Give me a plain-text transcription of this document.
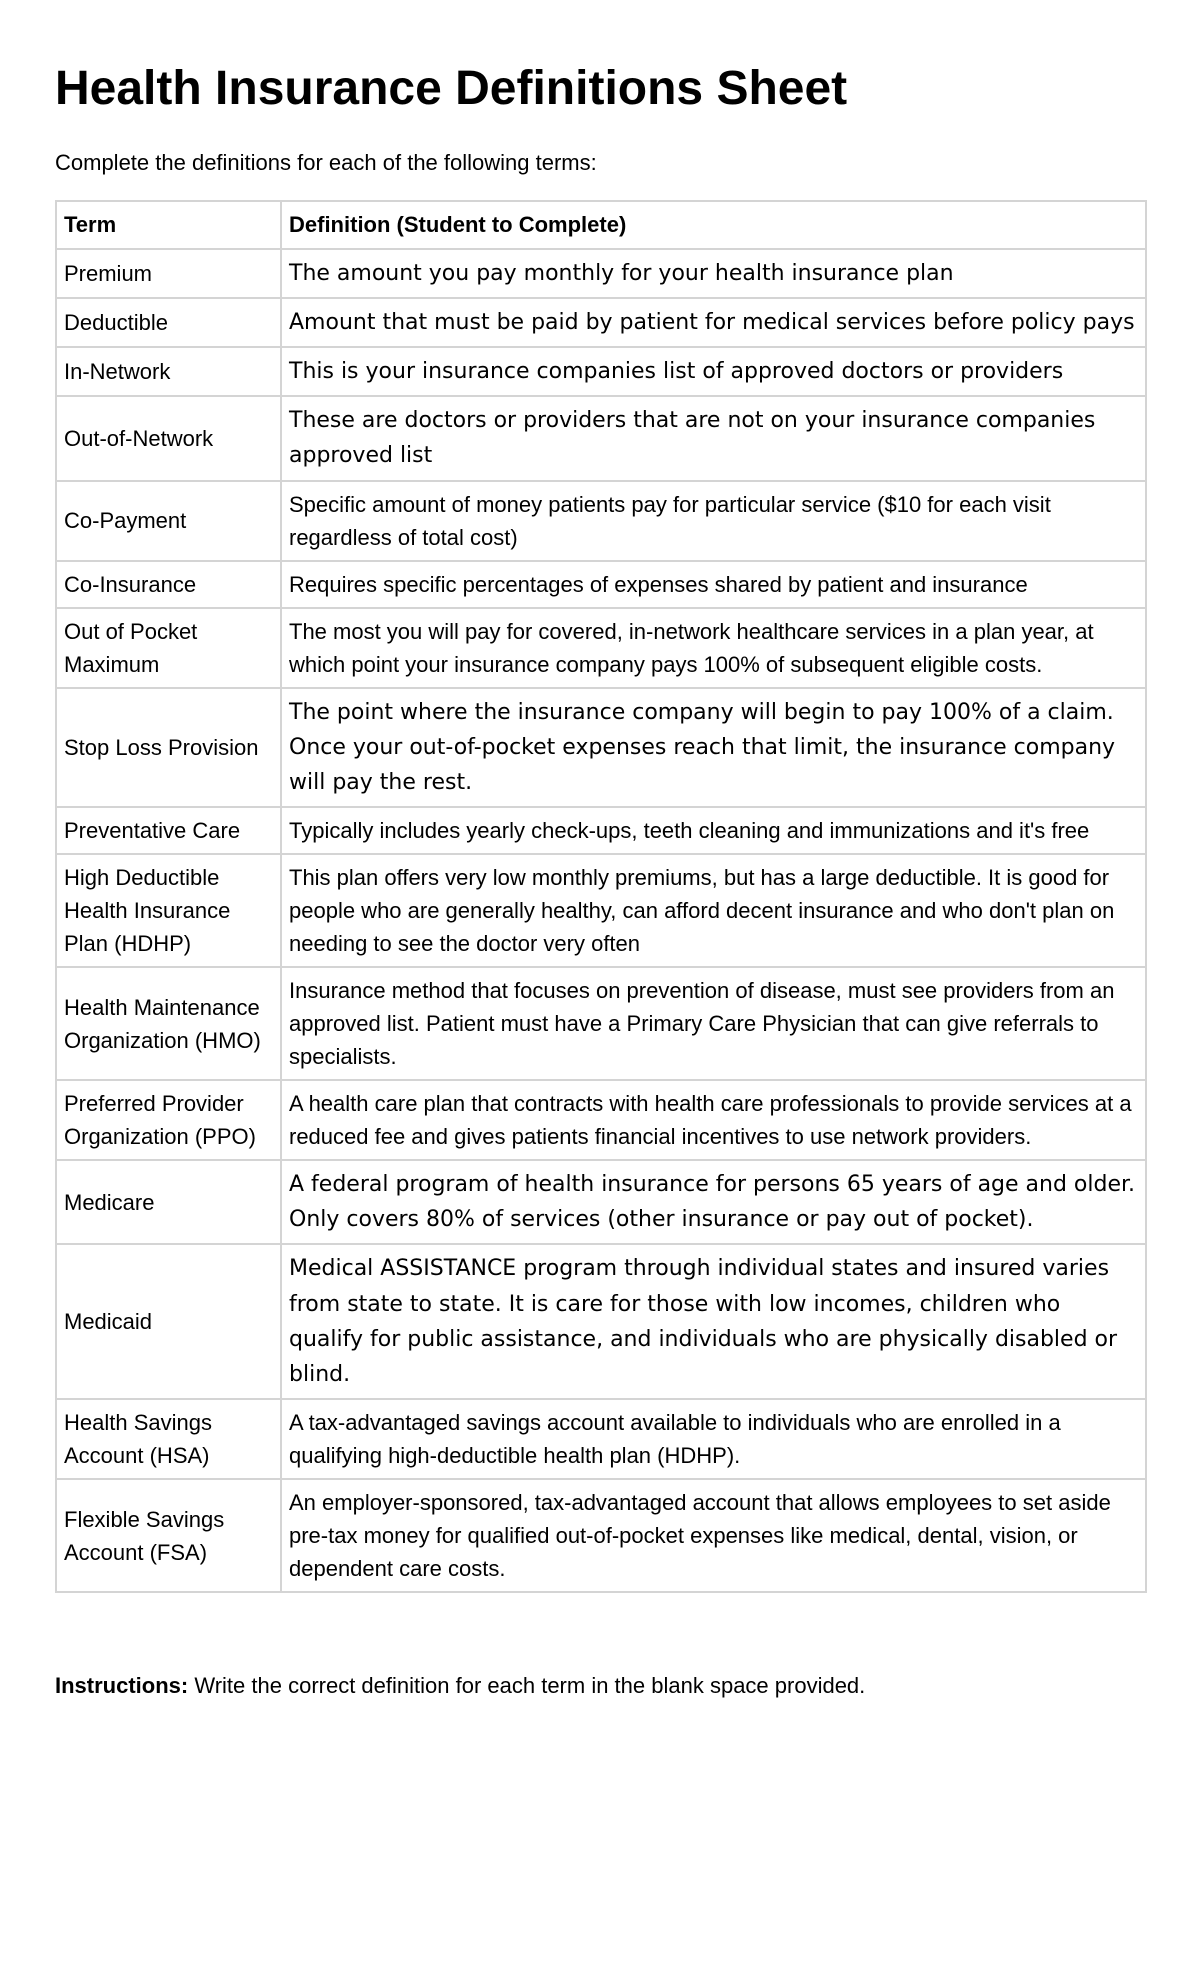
Health Insurance Definitions Sheet

Complete the definitions for each of the following terms:

Term	Definition (Student to Complete)
Premium	The amount you pay monthly for your health insurance plan
Deductible	Amount that must be paid by patient for medical services before policy pays
In-Network	This is your insurance companies list of approved doctors or providers
Out-of-Network	These are doctors or providers that are not on your insurance companies approved list
Co-Payment	Specific amount of money patients pay for particular service ($10 for each visit regardless of total cost)
Co-Insurance	Requires specific percentages of expenses shared by patient and insurance
Out of Pocket Maximum	The most you will pay for covered, in-network healthcare services in a plan year, at which point your insurance company pays 100% of subsequent eligible costs.
Stop Loss Provision	The point where the insurance company will begin to pay 100% of a claim. Once your out-of-pocket expenses reach that limit, the insurance company will pay the rest.
Preventative Care	Typically includes yearly check-ups, teeth cleaning and immunizations and it's free
High Deductible Health Insurance Plan (HDHP)	This plan offers very low monthly premiums, but has a large deductible. It is good for people who are generally healthy, can afford decent insurance and who don't plan on needing to see the doctor very often
Health Maintenance Organization (HMO)	Insurance method that focuses on prevention of disease, must see providers from an approved list. Patient must have a Primary Care Physician that can give referrals to specialists.
Preferred Provider Organization (PPO)	A health care plan that contracts with health care professionals to provide services at a reduced fee and gives patients financial incentives to use network providers.
Medicare	A federal program of health insurance for persons 65 years of age and older. Only covers 80% of services (other insurance or pay out of pocket).
Medicaid	Medical ASSISTANCE program through individual states and insured varies from state to state. It is care for those with low incomes, children who qualify for public assistance, and individuals who are physically disabled or blind.
Health Savings Account (HSA)	A tax-advantaged savings account available to individuals who are enrolled in a qualifying high-deductible health plan (HDHP).
Flexible Savings Account (FSA)	An employer-sponsored, tax-advantaged account that allows employees to set aside pre-tax money for qualified out-of-pocket expenses like medical, dental, vision, or dependent care costs.

Instructions: Write the correct definition for each term in the blank space provided.
